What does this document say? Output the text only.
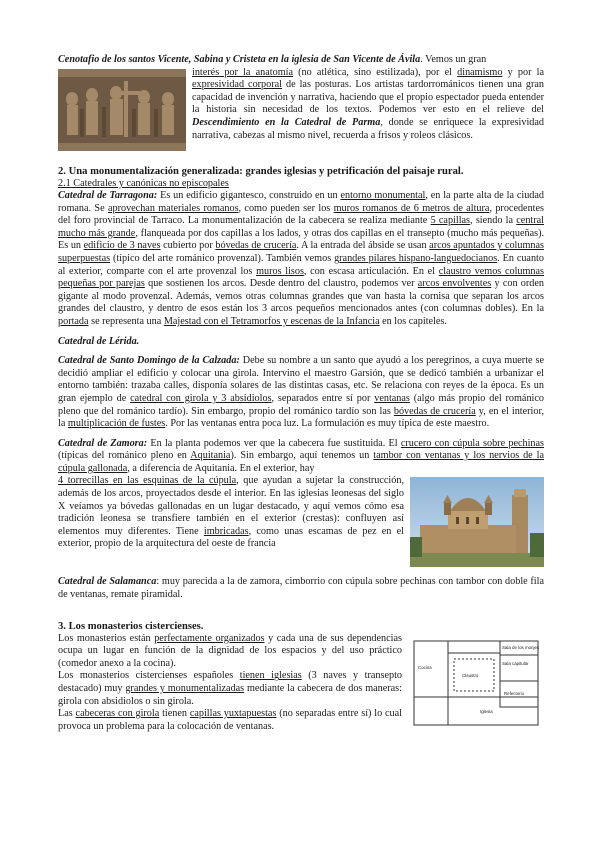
Cenotafio de los santos Vicente, Sabina y Cristeta en la iglesia de San Vicente de Ávila. Vemos un gran

interés por la anatomía (no atlética, sino estilizada), por el dinamismo y por la expresividad corporal de las posturas. Los artistas tardorrománicos tienen una gran capacidad de invención y narrativa, haciendo que el propio espectador pueda entender la historia sin necesidad de los textos. Podemos ver esto en el relieve del Descendimiento en la Catedral de Parma, donde se enriquece la expresividad narrativa, cabezas al mismo nivel, recuerda a frisos y roleos clásicos.

2. Una monumentalización generalizada: grandes iglesias y petrificación del paisaje rural.

2.1 Catedrales y canónicas no episcopales

Catedral de Tarragona: Es un edificio gigantesco, construido en un entorno monumental, en la parte alta de la ciudad romana. Se aprovechan materiales romanos, como pueden ser los muros romanos de 6 metros de altura, procedentes del foro provincial de Tarraco. La monumentalización de la cabecera se realiza mediante 5 capillas, siendo la central mucho más grande, flanqueada por dos capillas a los lados, y otras dos capillas en el transepto (mucho más pequeñas). Es un edificio de 3 naves cubierto por bóvedas de crucería. A la entrada del ábside se usan arcos apuntados y columnas superpuestas (típico del arte románico provenzal). También vemos grandes pilares hispano-languedocianos. En cuanto al exterior, comparte con el arte provenzal los muros lisos, con escasa articulación. En el claustro vemos columnas pequeñas por parejas que sostienen los arcos. Desde dentro del claustro, podemos ver arcos envolventes y con orden gigante al modo provenzal. Además, vemos otras columnas grandes que van hasta la cornisa que separan los arcos grandes del claustro, y dentro de esos están los 3 arcos pequeños mencionados antes (con columnas dobles). En la portada se representa una Majestad con el Tetramorfos y escenas de la Infancia en los capiteles.

Catedral de Lérida.

Catedral de Santo Domingo de la Calzada: Debe su nombre a un santo que ayudó a los peregrinos, a cuya muerte se decidió ampliar el edificio y colocar una girola. Intervino el maestro Garsión, que se dedicó también a urbanizar el entorno también: trazaba calles, disponía solares de las distintas casas, etc. Se relaciona con reyes de la época. Es un gran ejemplo de catedral con girola y 3 absidiolos, separados entre sí por ventanas (algo más propio del románico pleno que del románico tardío). Sin embargo, propio del románico tardío son las bóvedas de crucería y, en el interior, la multiplicación de fustes. Por las ventanas entra poca luz. La formulación es muy típica de este maestro.

Catedral de Zamora: En la planta podemos ver que la cabecera fue sustituida. El crucero con cúpula sobre pechinas (típicas del románico pleno en Aquitania). Sin embargo, aquí tenemos un tambor con ventanas y los nervios de la cúpula gallonada, a diferencia de Aquitania. En el exterior, hay

4 torrecillas en las esquinas de la cúpula, que ayudan a sujetar la construcción, además de los arcos, proyectados desde el interior. En las iglesias leonesas del siglo X veíamos ya bóvedas gallonadas en un lugar destacado, y aquí vemos cómo esa tradición leonesa se transfiere también en el exterior (crestas): confluyen así elementos muy diferentes. Tiene imbricadas, como unas escamas de pez en el exterior, propio de la arquitectura del oeste de francia

Catedral de Salamanca: muy parecida a la de zamora, cimborrio con cúpula sobre pechinas con tambor con doble fila de ventanas, remate piramidal.

3. Los monasterios cistercienses.

Sala de los monjes
Sala capitular
Claustro
Refectorio
Cocina
Iglesia

Los monasterios están perfectamente organizados y cada una de sus dependencias ocupa un lugar en función de la dignidad de los espacios y del uso práctico (comedor anexo a la cocina).

Los monasterios cistercienses españoles tienen iglesias (3 naves y transepto destacado) muy grandes y monumentalizadas mediante la cabecera de dos maneras: girola con absidiolos o sin girola.

Las cabeceras con girola tienen capillas yuxtapuestas (no separadas entre sí) lo cual provoca un problema para la colocación de ventanas.
